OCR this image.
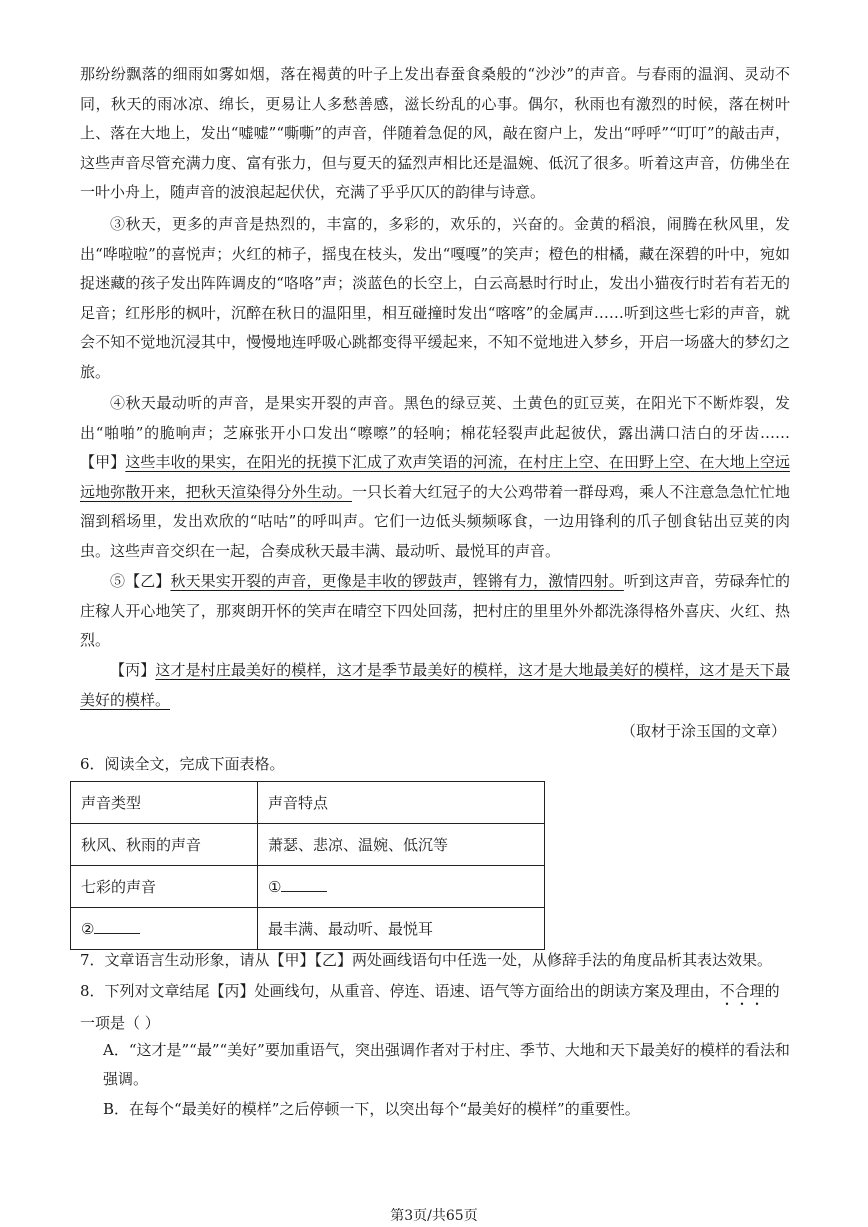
那纷纷飘落的细雨如雾如烟，落在褐黄的叶子上发出春蚕食桑般的“沙沙”的声音。与春雨的温润、灵动不同，秋天的雨冰凉、绵长，更易让人多愁善感，滋长纷乱的心事。偶尔，秋雨也有激烈的时候，落在树叶上、落在大地上，发出“嘘嘘”“嘶嘶”的声音，伴随着急促的风，敲在窗户上，发出“呼呼”“叮叮”的敲击声，这些声音尽管充满力度、富有张力，但与夏天的猛烈声相比还是温婉、低沉了很多。听着这声音，仿佛坐在一叶小舟上，随声音的波浪起起伏伏，充满了乎乎仄仄的韵律与诗意。

③秋天，更多的声音是热烈的，丰富的，多彩的，欢乐的，兴奋的。金黄的稻浪，闹腾在秋风里，发出“哗啦啦”的喜悦声；火红的柿子，摇曳在枝头，发出“嘎嘎”的笑声；橙色的柑橘，藏在深碧的叶中，宛如捉迷藏的孩子发出阵阵调皮的“咯咯”声；淡蓝色的长空上，白云高悬时行时止，发出小猫夜行时若有若无的足音；红彤彤的枫叶，沉醉在秋日的温阳里，相互碰撞时发出“喀喀”的金属声……听到这些七彩的声音，就会不知不觉地沉浸其中，慢慢地连呼吸心跳都变得平缓起来，不知不觉地进入梦乡，开启一场盛大的梦幻之旅。

④秋天最动听的声音，是果实开裂的声音。黑色的绿豆荚、土黄色的豇豆荚，在阳光下不断炸裂，发出“啪啪”的脆响声；芝麻张开小口发出“嚓嚓”的轻响；棉花轻裂声此起彼伏，露出满口洁白的牙齿……【甲】这些丰收的果实，在阳光的抚摸下汇成了欢声笑语的河流，在村庄上空、在田野上空、在大地上空远远地弥散开来，把秋天渲染得分外生动。一只长着大红冠子的大公鸡带着一群母鸡，乘人不注意急急忙忙地溜到稻场里，发出欢欣的“咕咕”的呼叫声。它们一边低头频频啄食，一边用锋利的爪子刨食钻出豆荚的肉虫。这些声音交织在一起，合奏成秋天最丰满、最动听、最悦耳的声音。

⑤【乙】秋天果实开裂的声音，更像是丰收的锣鼓声，铿锵有力，激情四射。听到这声音，劳碌奔忙的庄稼人开心地笑了，那爽朗开怀的笑声在晴空下四处回荡，把村庄的里里外外都洗涤得格外喜庆、火红、热烈。

【丙】这才是村庄最美好的模样，这才是季节最美好的模样，这才是大地最美好的模样，这才是天下最美好的模样。

（取材于涂玉国的文章）

6．阅读全文，完成下面表格。

声音类型	声音特点
秋风、秋雨的声音	萧瑟、悲凉、温婉、低沉等
七彩的声音	①
②	最丰满、最动听、最悦耳

7．文章语言生动形象，请从【甲】【乙】两处画线语句中任选一处，从修辞手法的角度品析其表达效果。

8．下列对文章结尾【丙】处画线句，从重音、停连、语速、语气等方面给出的朗读方案及理由，不合理的一项是（ ）

A．“这才是”“最”“美好”要加重语气，突出强调作者对于村庄、季节、大地和天下最美好的模样的看法和强调。

B．在每个“最美好的模样”之后停顿一下，以突出每个“最美好的模样”的重要性。

第3页/共65页
